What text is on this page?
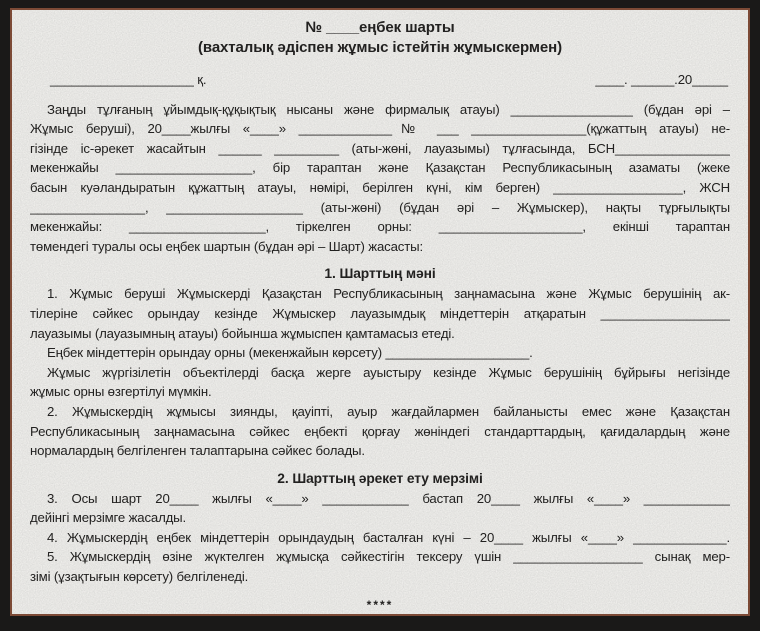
№ ____еңбек шарты
(вахталық әдіспен жұмыс істейтін жұмыскермен)
____________________ қ.	____. ______.20_____
Заңды тұлғаның ұйымдық-құқықтық нысаны және фирмалық атауы) _________________ (бұдан әрі –
Жұмыс беруші), 20____жылғы «____» _____________№ ___ ________________(құжаттың атауы) не-
гізінде іс-әрекет жасайтын ______ _________ (аты-жөні, лауазымы) тұлғасында, БСН________________
мекенжайы ___________________, бір тараптан және Қазақстан Республикасының азаматы (жеке
басын куәландыратын құжаттың атауы, нөмірі, берілген күні, кім берген) __________________, ЖСН
________________, ___________________ (аты-жөні) (бұдан әрі – Жұмыскер), нақты тұрғылықты
мекенжайы: ___________________, тіркелген орны: ____________________, екінші тараптан
төмендегі туралы осы еңбек шартын (бұдан әрі – Шарт) жасасты:
1. Шарттың мәні
1. Жұмыс беруші Жұмыскерді Қазақстан Республикасының заңнамасына және Жұмыс берушінің ак-
тілеріне сәйкес орындау кезінде Жұмыскер лауазымдық міндеттерін атқаратын __________________
лауазымы (лауазымның атауы) бойынша жұмыспен қамтамасыз етеді.
Еңбек міндеттерін орындау орны (мекенжайын көрсету) ____________________.
Жұмыс жүргізілетін объектілерді басқа жерге ауыстыру кезінде Жұмыс берушінің бұйрығы негізінде
жұмыс орны өзгертілуі мүмкін.
2. Жұмыскердің жұмысы зиянды, қауіпті, ауыр жағдайлармен байланысты емес және Қазақстан
Республикасының заңнамасына сәйкес еңбекті қорғау жөніндегі стандарттардың, қағидалардың және
нормалардың белгіленген талаптарына сәйкес болады.
2. Шарттың әрекет ету мерзімі
3. Осы шарт 20____ жылғы «____» ____________ бастап 20____ жылғы «____» ____________
дейінгі мерзімге жасалды.
4. Жұмыскердің еңбек міндеттерін орындаудың басталған күні – 20____ жылғы «____» _____________.
5. Жұмыскердің өзіне жүктелген жұмысқа сәйкестігін тексеру үшін __________________ сынақ мер-
зімі (ұзақтығын көрсету) белгіленеді.
****
